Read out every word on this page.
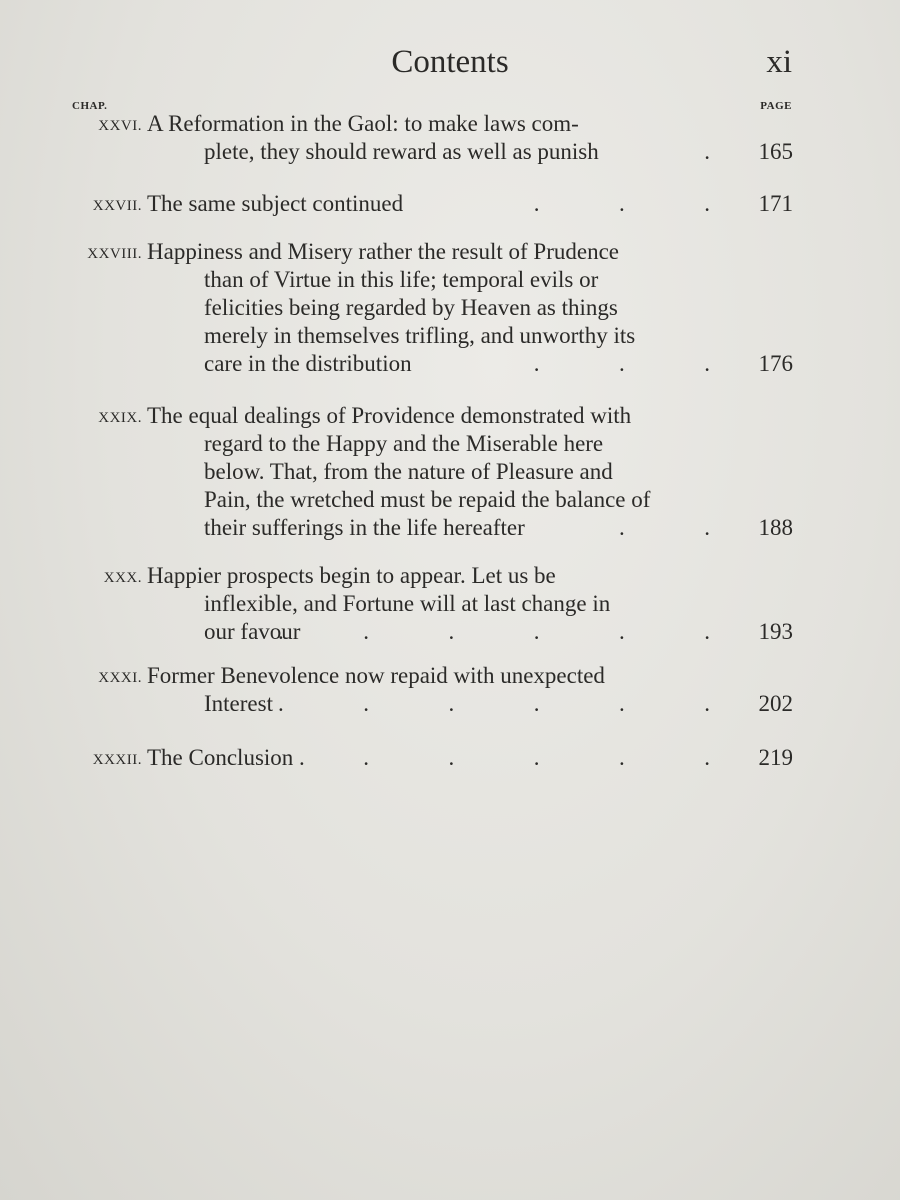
Contents	xi
CHAP.	PAGE
XXVI. A Reformation in the Gaol: to make laws com-
plete, they should reward as well as punish	. 165
XXVII. The same subject continued	.          .          . 171
XXVIII. Happiness and Misery rather the result of Prudence
than of Virtue in this life; temporal evils or
felicities being regarded by Heaven as things
merely in themselves trifling, and unworthy its
care in the distribution	.          .          . 176
XXIX. The equal dealings of Providence demonstrated with
regard to the Happy and the Miserable here
below. That, from the nature of Pleasure and
Pain, the wretched must be repaid the balance of
their sufferings in the life hereafter	.          . 188
XXX. Happier prospects begin to appear. Let us be
inflexible, and Fortune will at last change in
our favour
.          .          .          .          .          . 193
XXXI. Former Benevolence now repaid with unexpected
Interest .          .          .          .          .          . 202
XXXII. The Conclusion .	.          .          .          .          . 219
